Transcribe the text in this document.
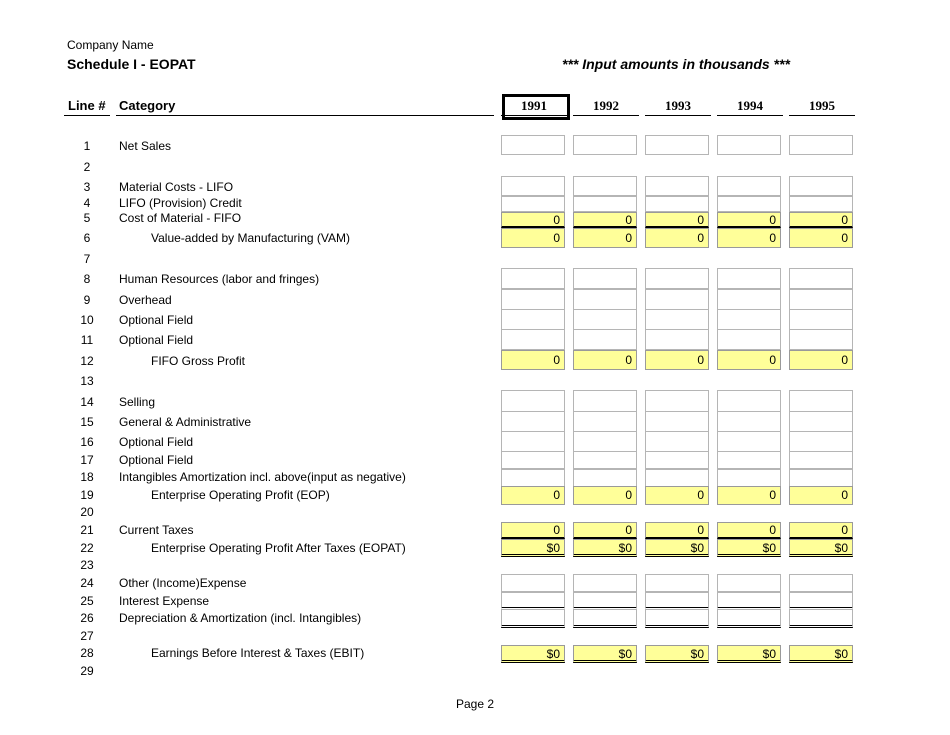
Company Name
Schedule I - EOPAT	*** Input amounts in thousands ***
Line # Category	1991	1992	1993	1994	1995
1	Net Sales
2
3	Material Costs - LIFO
4	LIFO (Provision) Credit
5	Cost of Material - FIFO	0	0	0	0	0
6	Value-added by Manufacturing (VAM)	0	0	0	0	0
7
8	Human Resources (labor and fringes)
9	Overhead
10	Optional Field
11	Optional Field
12	FIFO Gross Profit	0	0	0	0	0
13
14	Selling
15	General & Administrative
16	Optional Field
17	Optional Field
18	Intangibles Amortization incl. above(input as negative)
19	Enterprise Operating Profit (EOP)	0	0	0	0	0
20
21	Current Taxes	0	0	0	0	0
22	Enterprise Operating Profit After Taxes (EOPAT)	$0	$0	$0	$0	$0
23
24	Other (Income)Expense
25	Interest Expense
26	Depreciation & Amortization (incl. Intangibles)
27
28	Earnings Before Interest & Taxes (EBIT)	$0	$0	$0	$0	$0
29
Page 2
